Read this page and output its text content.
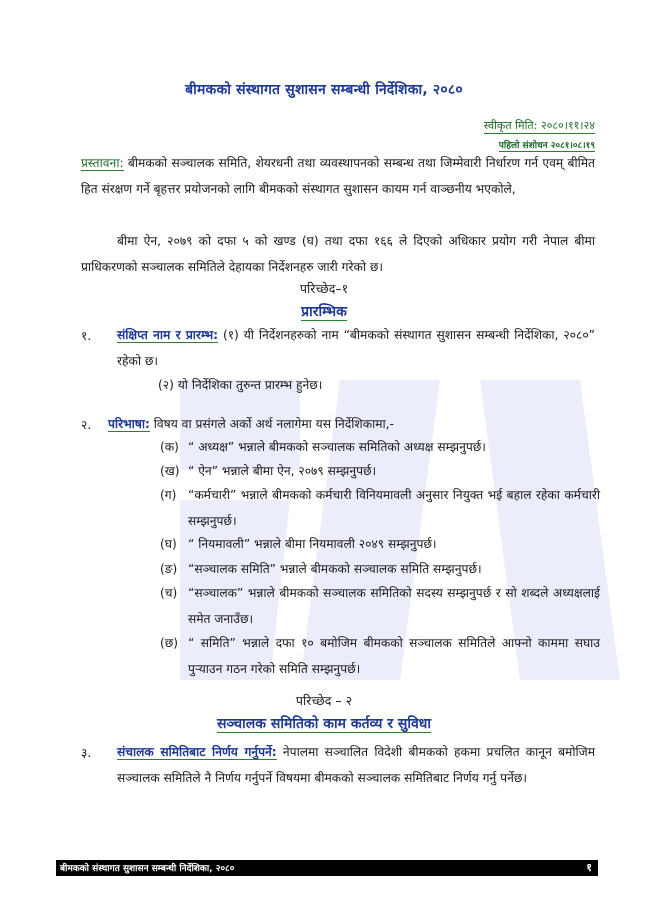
बीमकको संस्थागत सुशासन सम्बन्धी निर्देशिका, २०८०
स्वीकृत मिति: २०८०।११।२४
पहिलो संशोधन २०८१।०८।१९
प्रस्तावना: बीमकको सञ्चालक समिति, शेयरधनी तथा व्यवस्थापनको सम्बन्ध तथा जिम्मेवारी निर्धारण गर्न एवम् बीमित हित संरक्षण गर्ने बृहत्तर प्रयोजनको लागि बीमकको संस्थागत सुशासन कायम गर्न वाञ्छनीय भएकोले,
बीमा ऐन, २०७९ को दफा ५ को खण्ड (घ) तथा दफा १६६ ले दिएको अधिकार प्रयोग गरी नेपाल बीमा प्राधिकरणको सञ्चालक समितिले देहायका निर्देशनहरु जारी गरेको छ।
परिच्छेद–१
प्रारम्भिक
१. संक्षिप्त नाम र प्रारम्भ: (१) यी निर्देशनहरुको नाम “बीमकको संस्थागत सुशासन सम्बन्धी निर्देशिका, २०८०” रहेको छ।
(२) यो निर्देशिका तुरुन्त प्रारम्भ हुनेछ।
२. परिभाषा: विषय वा प्रसंगले अर्को अर्थ नलागेमा यस निर्देशिकामा,-
(क) “ अध्यक्ष” भन्नाले बीमकको सञ्चालक समितिको अध्यक्ष सम्झनुपर्छ।
(ख) “ ऐन” भन्नाले बीमा ऐन, २०७९ सम्झनुपर्छ।
(ग) “कर्मचारी” भन्नाले बीमकको कर्मचारी विनियमावली अनुसार नियुक्त भई बहाल रहेका कर्मचारी सम्झनुपर्छ।
(घ) “ नियमावली” भन्नाले बीमा नियमावली २०४९ सम्झनुपर्छ।
(ङ) “सञ्चालक समिति” भन्नाले बीमकको सञ्चालक समिति सम्झनुपर्छ।
(च) “सञ्चालक” भन्नाले बीमकको सञ्चालक समितिको सदस्य सम्झनुपर्छ र सो शब्दले अध्यक्षलाई समेत जनाउँछ।
(छ) “ समिति” भन्नाले दफा १० बमोजिम बीमकको सञ्चालक समितिले आफ्नो काममा सघाउ पुर्‍याउन गठन गरेको समिति सम्झनुपर्छ।
परिच्छेद – २
सञ्चालक समितिको काम कर्तव्य र सुविधा
३. संचालक समितिबाट निर्णय गर्नुपर्ने: नेपालमा सञ्चालित विदेशी बीमकको हकमा प्रचलित कानून बमोजिम सञ्चालक समितिले नै निर्णय गर्नुपर्ने विषयमा बीमकको सञ्चालक समितिबाट निर्णय गर्नु पर्नेछ।
बीमकको संस्थागत सुशासन सम्बन्धी निर्देशिका, २०८०	१
